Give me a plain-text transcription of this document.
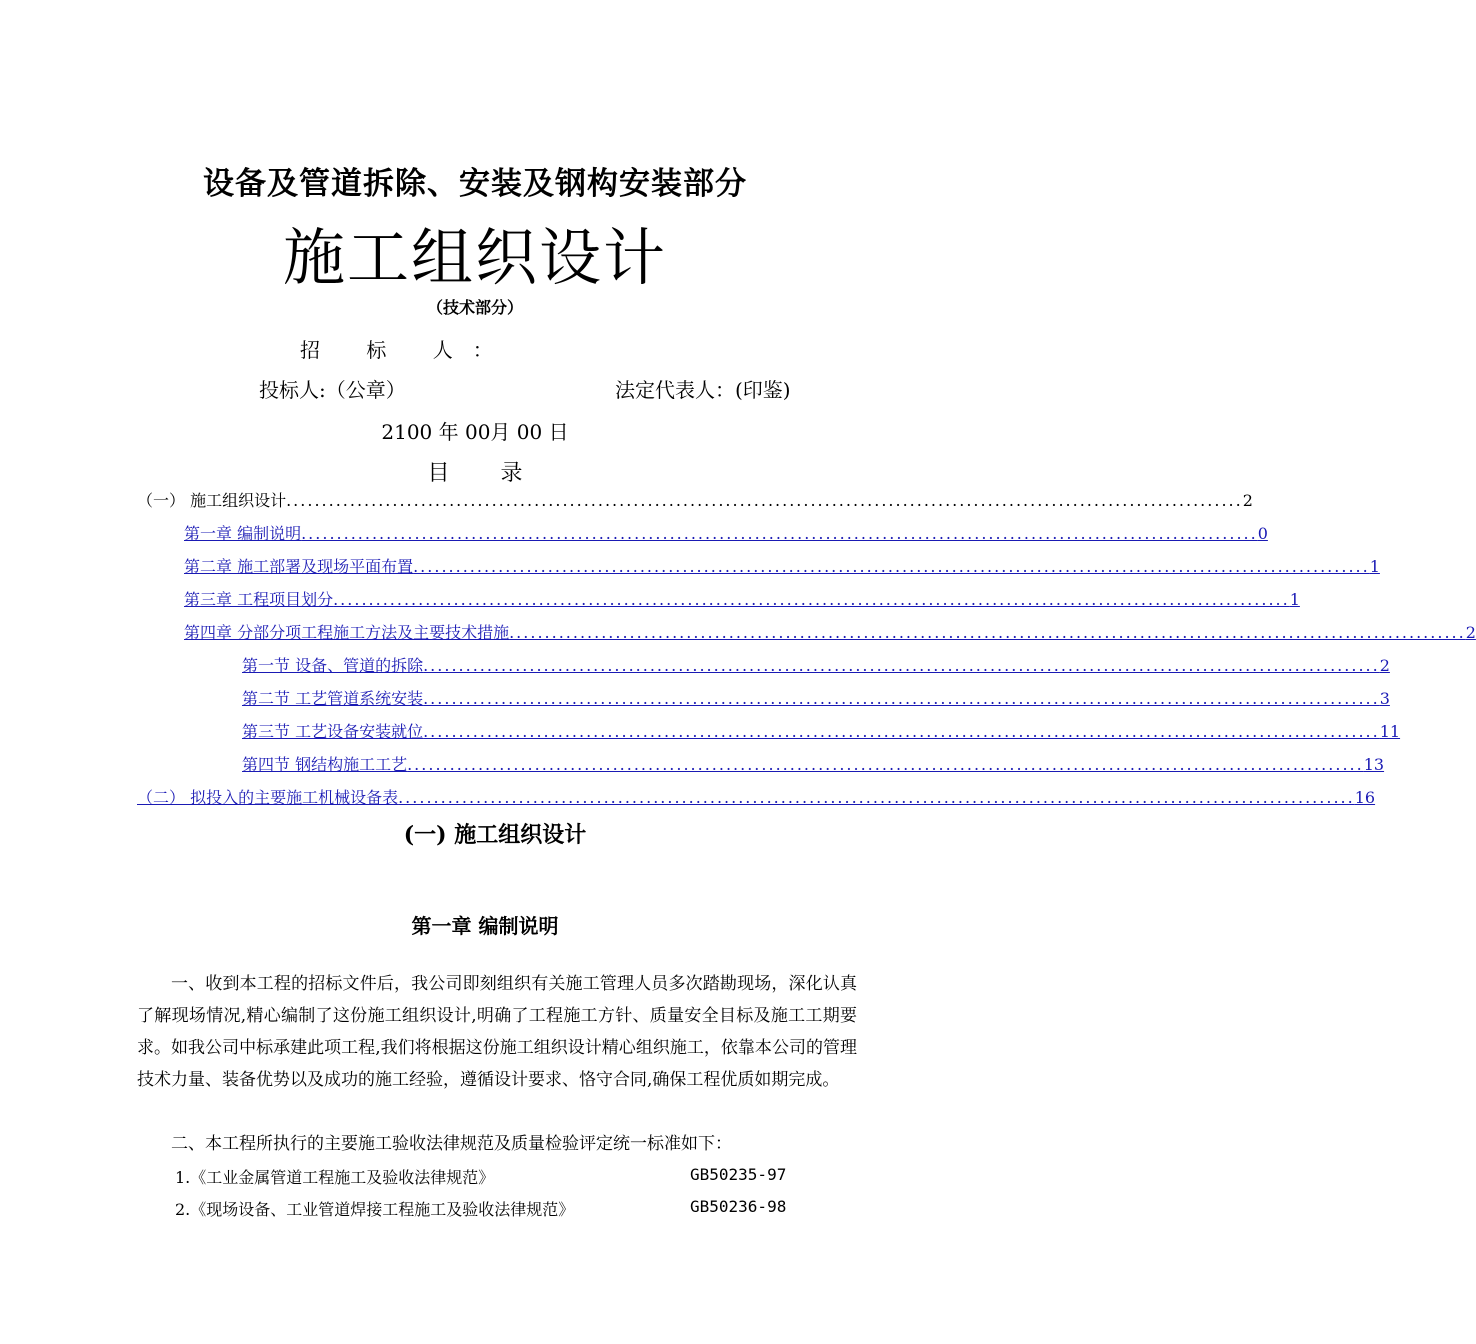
设备及管道拆除、安装及钢构安装部分
施工组织设计
（技术部分）
招 标 人：
投标人:（公章）	法定代表人：(印鉴)
2100 年 00月 00 日
目 录
（一） 施工组织设计 ....................................................................................................................................... 2
第一章 编制说明 ....................................................................................................................................... 0
第二章 施工部署及现场平面布置 ....................................................................................................................................... 1
第三章 工程项目划分 ....................................................................................................................................... 1
第四章 分部分项工程施工方法及主要技术措施 ....................................................................................................................................... 2
第一节 设备、管道的拆除 ....................................................................................................................................... 2
第二节 工艺管道系统安装 ....................................................................................................................................... 3
第三节 工艺设备安装就位 ....................................................................................................................................... 11
第四节 钢结构施工工艺 ....................................................................................................................................... 13
（二） 拟投入的主要施工机械设备表 ....................................................................................................................................... 16
(一) 施工组织设计
第一章 编制说明
一、收到本工程的招标文件后，我公司即刻组织有关施工管理人员多次踏勘现场，深化认真了解现场情况,精心编制了这份施工组织设计,明确了工程施工方针、质量安全目标及施工工期要求。如我公司中标承建此项工程,我们将根据这份施工组织设计精心组织施工，依靠本公司的管理技术力量、装备优势以及成功的施工经验，遵循设计要求、恪守合同,确保工程优质如期完成。
二、本工程所执行的主要施工验收法律规范及质量检验评定统一标准如下：
1.《工业金属管道工程施工及验收法律规范》	GB50235-97
2.《现场设备、工业管道焊接工程施工及验收法律规范》	GB50236-98
